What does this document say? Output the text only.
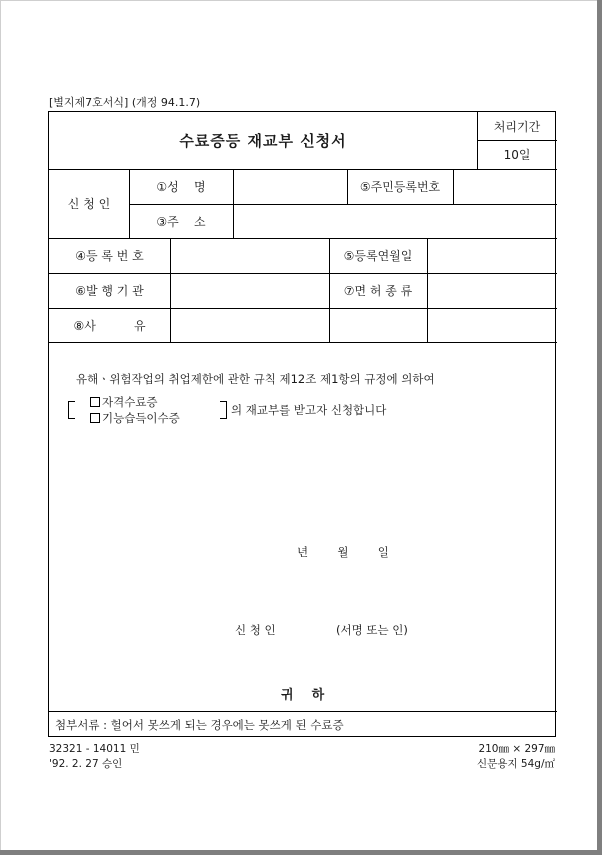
[별지제7호서식] (개정 94.1.7)
수료증등 재교부 신청서
처리기간
10일
신 청 인
①성    명	⑤주민등록번호
③주    소
④등 록 번 호	⑤등록연월일
⑥발 행 기 관	⑦면 허 종 류
⑧사          유
유해ㆍ위험작업의 취업제한에 관한 규칙 제12조 제1항의 규정에 의하여
자격수료증
기능습득이수증
의 재교부를 받고자 신청합니다
년        월        일
신 청 인	(서명 또는 인)
귀    하
첨부서류 : 헐어서 못쓰게 되는 경우에는 못쓰게 된 수료증
32321 - 14011 민
'92. 2. 27 승인
210㎜ × 297㎜
신문용지 54g/㎡
